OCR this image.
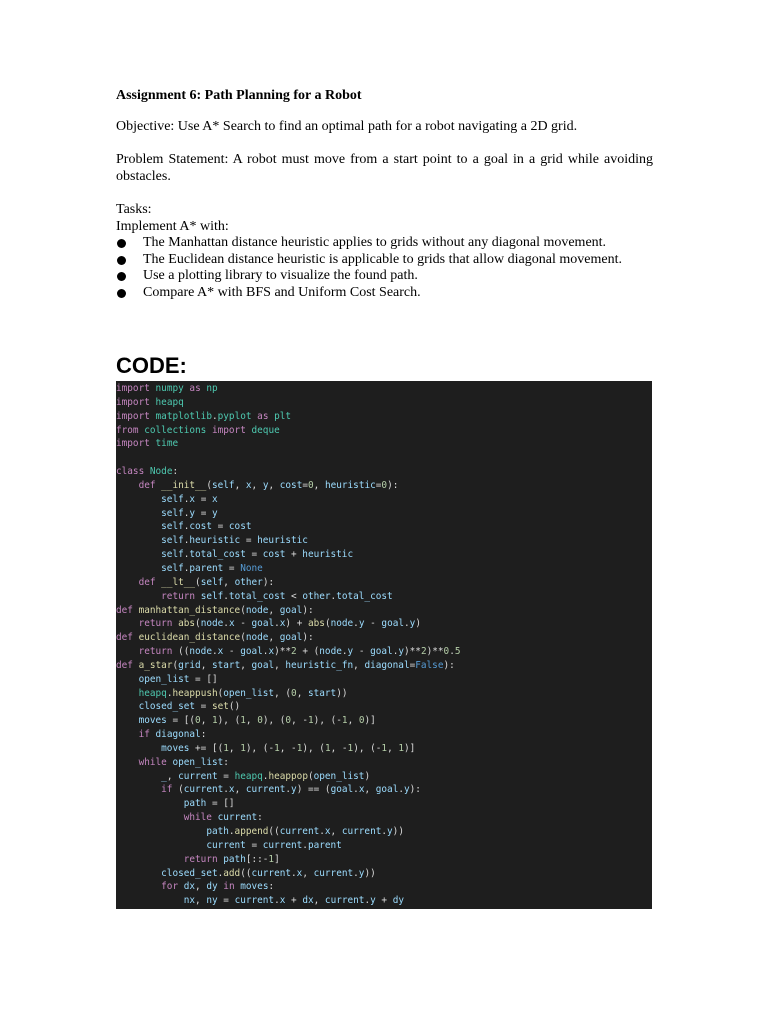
Assignment 6: Path Planning for a Robot

Objective: Use A* Search to find an optimal path for a robot navigating a 2D grid.

Problem Statement: A robot must move from a start point to a goal in a grid while avoiding obstacles.

Tasks:

Implement A* with:

The Manhattan distance heuristic applies to grids without any diagonal movement.
The Euclidean distance heuristic is applicable to grids that allow diagonal movement.
Use a plotting library to visualize the found path.
Compare A* with BFS and Uniform Cost Search.

CODE:

import numpy as np
import heapq
import matplotlib.pyplot as plt
from collections import deque
import time

class Node:
def __init__(self, x, y, cost=0, heuristic=0):
self.x = x
self.y = y
self.cost = cost
self.heuristic = heuristic
self.total_cost = cost + heuristic
self.parent = None
def __lt__(self, other):
return self.total_cost < other.total_cost
def manhattan_distance(node, goal):
return abs(node.x - goal.x) + abs(node.y - goal.y)
def euclidean_distance(node, goal):
return ((node.x - goal.x)**2 + (node.y - goal.y)**2)**0.5
def a_star(grid, start, goal, heuristic_fn, diagonal=False):
open_list = []
heapq.heappush(open_list, (0, start))
closed_set = set()
moves = [(0, 1), (1, 0), (0, -1), (-1, 0)]
if diagonal:
moves += [(1, 1), (-1, -1), (1, -1), (-1, 1)]
while open_list:
_, current = heapq.heappop(open_list)
if (current.x, current.y) == (goal.x, goal.y):
path = []
while current:
path.append((current.x, current.y))
current = current.parent
return path[::-1]
closed_set.add((current.x, current.y))
for dx, dy in moves:
nx, ny = current.x + dx, current.y + dy
